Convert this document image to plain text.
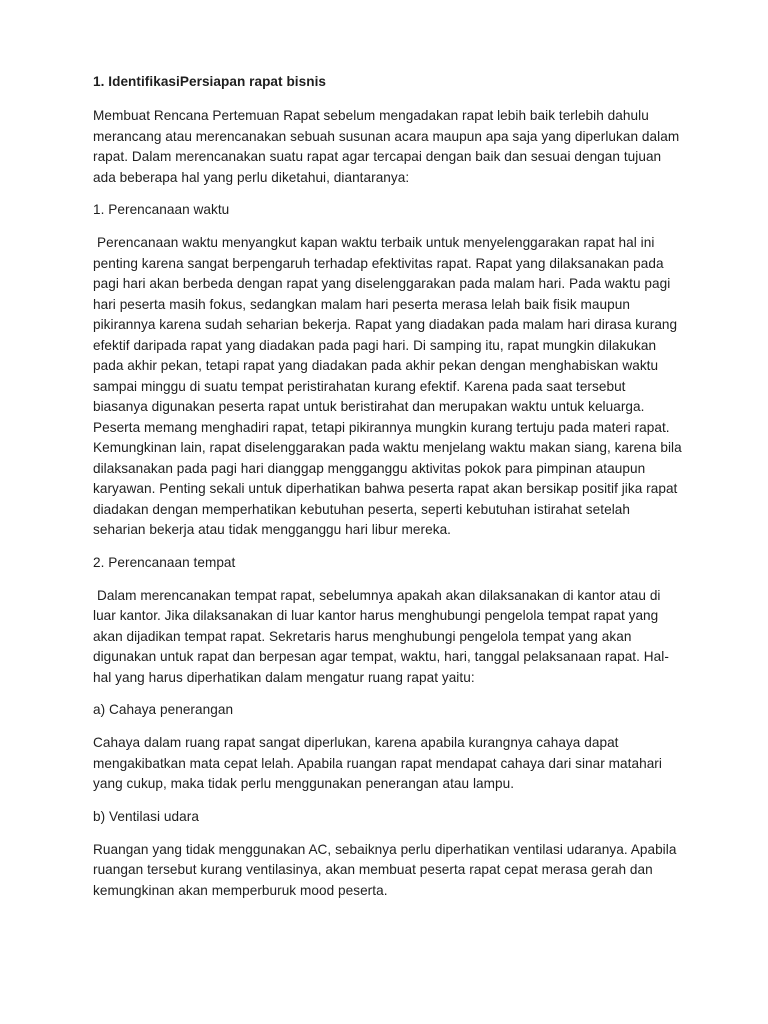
1. IdentifikasiPersiapan rapat bisnis

Membuat Rencana Pertemuan Rapat sebelum mengadakan rapat lebih baik terlebih dahulu merancang atau merencanakan sebuah susunan acara maupun apa saja yang diperlukan dalam rapat. Dalam merencanakan suatu rapat agar tercapai dengan baik dan sesuai dengan tujuan ada beberapa hal yang perlu diketahui, diantaranya:

1. Perencanaan waktu

Perencanaan waktu menyangkut kapan waktu terbaik untuk menyelenggarakan rapat hal ini penting karena sangat berpengaruh terhadap efektivitas rapat. Rapat yang dilaksanakan pada pagi hari akan berbeda dengan rapat yang diselenggarakan pada malam hari. Pada waktu pagi hari peserta masih fokus, sedangkan malam hari peserta merasa lelah baik fisik maupun pikirannya karena sudah seharian bekerja. Rapat yang diadakan pada malam hari dirasa kurang efektif daripada rapat yang diadakan pada pagi hari. Di samping itu, rapat mungkin dilakukan pada akhir pekan, tetapi rapat yang diadakan pada akhir pekan dengan menghabiskan waktu sampai minggu di suatu tempat peristirahatan kurang efektif. Karena pada saat tersebut biasanya digunakan peserta rapat untuk beristirahat dan merupakan waktu untuk keluarga. Peserta memang menghadiri rapat, tetapi pikirannya mungkin kurang tertuju pada materi rapat. Kemungkinan lain, rapat diselenggarakan pada waktu menjelang waktu makan siang, karena bila dilaksanakan pada pagi hari dianggap mengganggu aktivitas pokok para pimpinan ataupun karyawan. Penting sekali untuk diperhatikan bahwa peserta rapat akan bersikap positif jika rapat diadakan dengan memperhatikan kebutuhan peserta, seperti kebutuhan istirahat setelah seharian bekerja atau tidak mengganggu hari libur mereka.

2. Perencanaan tempat

Dalam merencanakan tempat rapat, sebelumnya apakah akan dilaksanakan di kantor atau di luar kantor. Jika dilaksanakan di luar kantor harus menghubungi pengelola tempat rapat yang akan dijadikan tempat rapat. Sekretaris harus menghubungi pengelola tempat yang akan digunakan untuk rapat dan berpesan agar tempat, waktu, hari, tanggal pelaksanaan rapat. Hal-hal yang harus diperhatikan dalam mengatur ruang rapat yaitu:

a) Cahaya penerangan

Cahaya dalam ruang rapat sangat diperlukan, karena apabila kurangnya cahaya dapat mengakibatkan mata cepat lelah. Apabila ruangan rapat mendapat cahaya dari sinar matahari yang cukup, maka tidak perlu menggunakan penerangan atau lampu.

b) Ventilasi udara

Ruangan yang tidak menggunakan AC, sebaiknya perlu diperhatikan ventilasi udaranya. Apabila ruangan tersebut kurang ventilasinya, akan membuat peserta rapat cepat merasa gerah dan kemungkinan akan memperburuk mood peserta.
